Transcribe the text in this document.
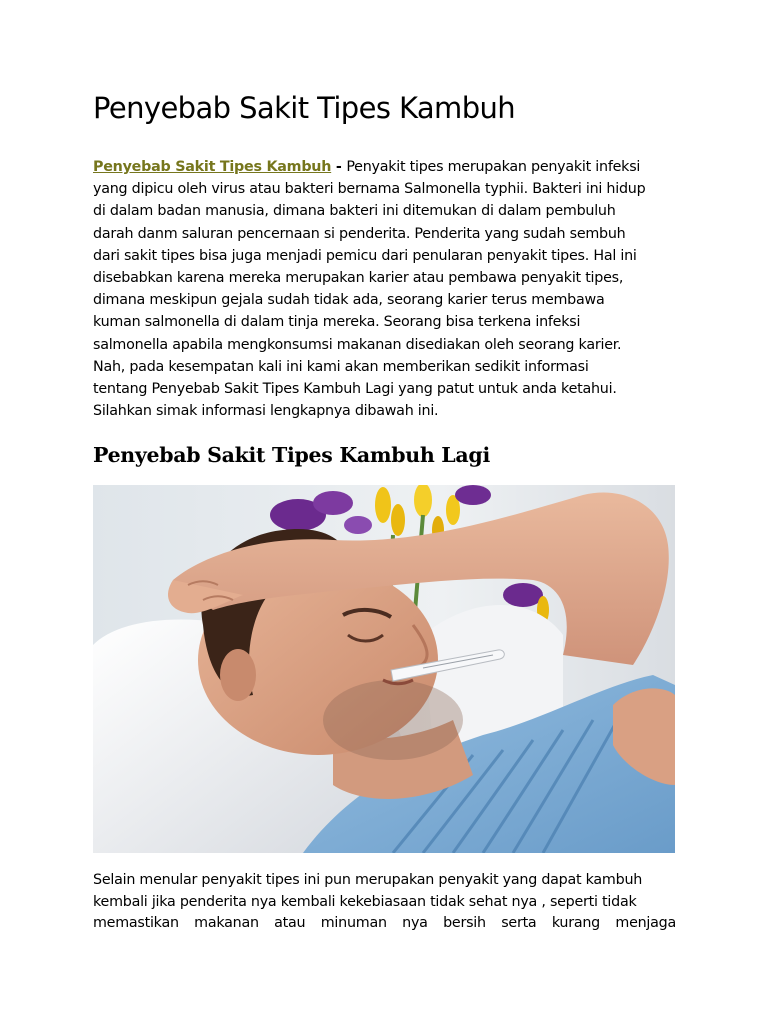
Penyebab Sakit Tipes Kambuh

Penyebab Sakit Tipes Kambuh - Penyakit tipes merupakan penyakit infeksi
yang dipicu oleh virus atau bakteri bernama Salmonella typhii. Bakteri ini hidup
di dalam badan manusia, dimana bakteri ini ditemukan di dalam pembuluh
darah danm saluran pencernaan si penderita. Penderita yang sudah sembuh
dari sakit tipes bisa juga menjadi pemicu dari penularan penyakit tipes. Hal ini
disebabkan karena mereka merupakan karier atau pembawa penyakit tipes,
dimana meskipun gejala sudah tidak ada, seorang karier terus membawa
kuman salmonella di dalam tinja mereka. Seorang bisa terkena infeksi
salmonella apabila mengkonsumsi makanan disediakan oleh seorang karier.
Nah, pada kesempatan kali ini kami akan memberikan sedikit informasi
tentang Penyebab Sakit Tipes Kambuh Lagi yang patut untuk anda ketahui.
Silahkan simak informasi lengkapnya dibawah ini.

Penyebab Sakit Tipes Kambuh Lagi

Selain menular penyakit tipes ini pun merupakan penyakit yang dapat kambuh
kembali jika penderita nya kembali kekebiasaan tidak sehat nya , seperti tidak
memastikan makanan atau minuman nya bersih serta kurang menjaga
